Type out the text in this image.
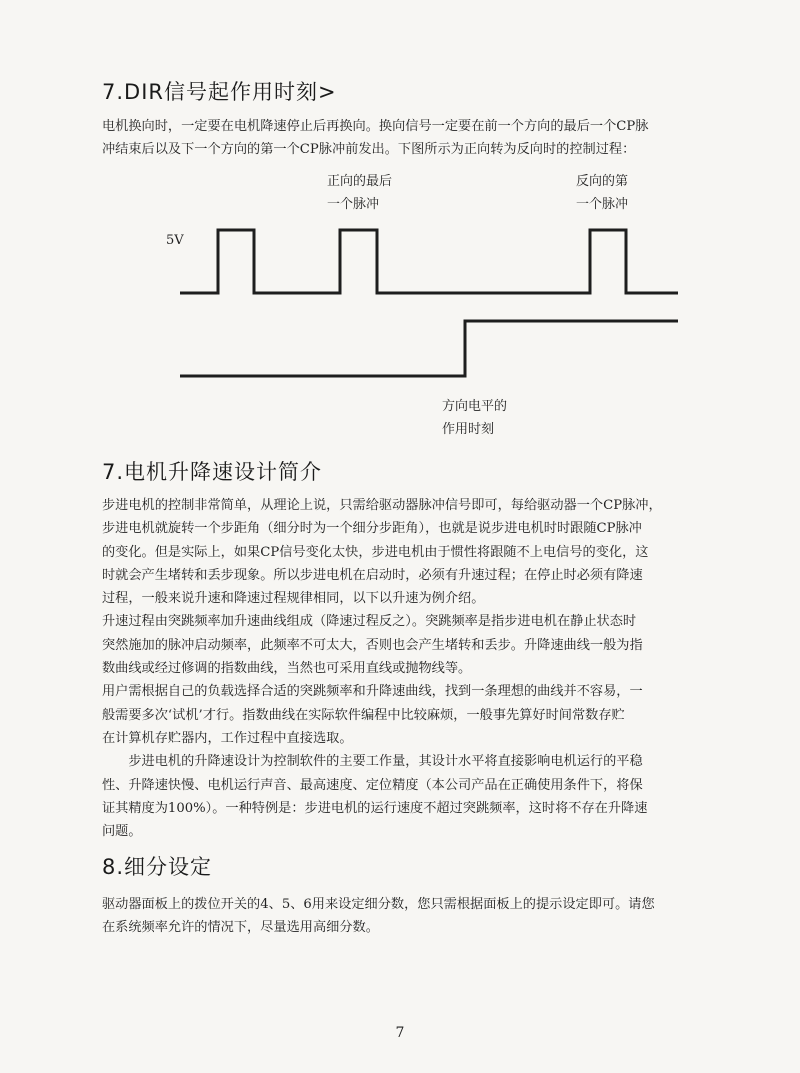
7.DIR信号起作用时刻>
电机换向时，一定要在电机降速停止后再换向。换向信号一定要在前一个方向的最后一个CP脉
冲结束后以及下一个方向的第一个CP脉冲前发出。下图所示为正向转为反向时的控制过程：
正向的最后
一个脉冲
反向的第
一个脉冲
5V
方向电平的
作用时刻
7.电机升降速设计简介
步进电机的控制非常简单，从理论上说，只需给驱动器脉冲信号即可，每给驱动器一个CP脉冲，
步进电机就旋转一个步距角（细分时为一个细分步距角），也就是说步进电机时时跟随CP脉冲
的变化。但是实际上，如果CP信号变化太快，步进电机由于惯性将跟随不上电信号的变化，这
时就会产生堵转和丢步现象。所以步进电机在启动时，必须有升速过程；在停止时必须有降速
过程，一般来说升速和降速过程规律相同，以下以升速为例介绍。
升速过程由突跳频率加升速曲线组成（降速过程反之）。突跳频率是指步进电机在静止状态时
突然施加的脉冲启动频率，此频率不可太大，否则也会产生堵转和丢步。升降速曲线一般为指
数曲线或经过修调的指数曲线，当然也可采用直线或抛物线等。
用户需根据自己的负载选择合适的突跳频率和升降速曲线，找到一条理想的曲线并不容易，一
般需要多次‘试机’才行。指数曲线在实际软件编程中比较麻烦，一般事先算好时间常数存贮
在计算机存贮器内，工作过程中直接选取。
　　步进电机的升降速设计为控制软件的主要工作量，其设计水平将直接影响电机运行的平稳
性、升降速快慢、电机运行声音、最高速度、定位精度（本公司产品在正确使用条件下，将保
证其精度为100%）。一种特例是：步进电机的运行速度不超过突跳频率，这时将不存在升降速
问题。
8.细分设定
驱动器面板上的拨位开关的4、5、6用来设定细分数，您只需根据面板上的提示设定即可。请您
在系统频率允许的情况下，尽量选用高细分数。
7
